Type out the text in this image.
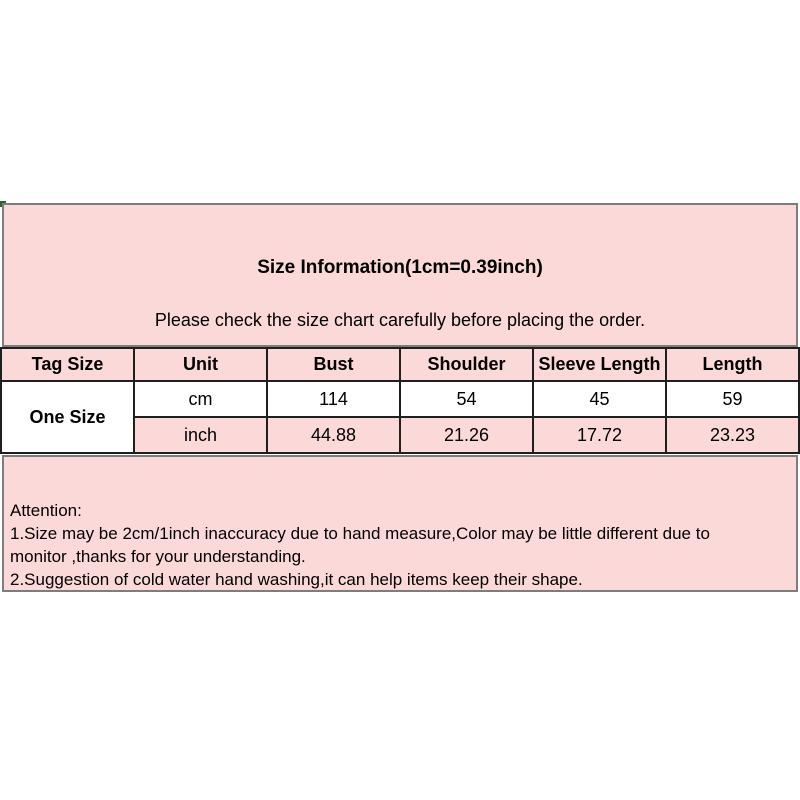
Size Information(1cm=0.39inch)
Please check the size chart carefully before placing the order.
Tag Size	Unit	Bust	Shoulder	Sleeve Length	Length
One Size	cm	114	54	45	59
	inch	44.88	21.26	17.72	23.23
Attention:
1.Size may be 2cm/1inch inaccuracy due to hand measure,Color may be little different due to monitor ,thanks for your understanding.
2.Suggestion of cold water hand washing,it can help items keep their shape.
